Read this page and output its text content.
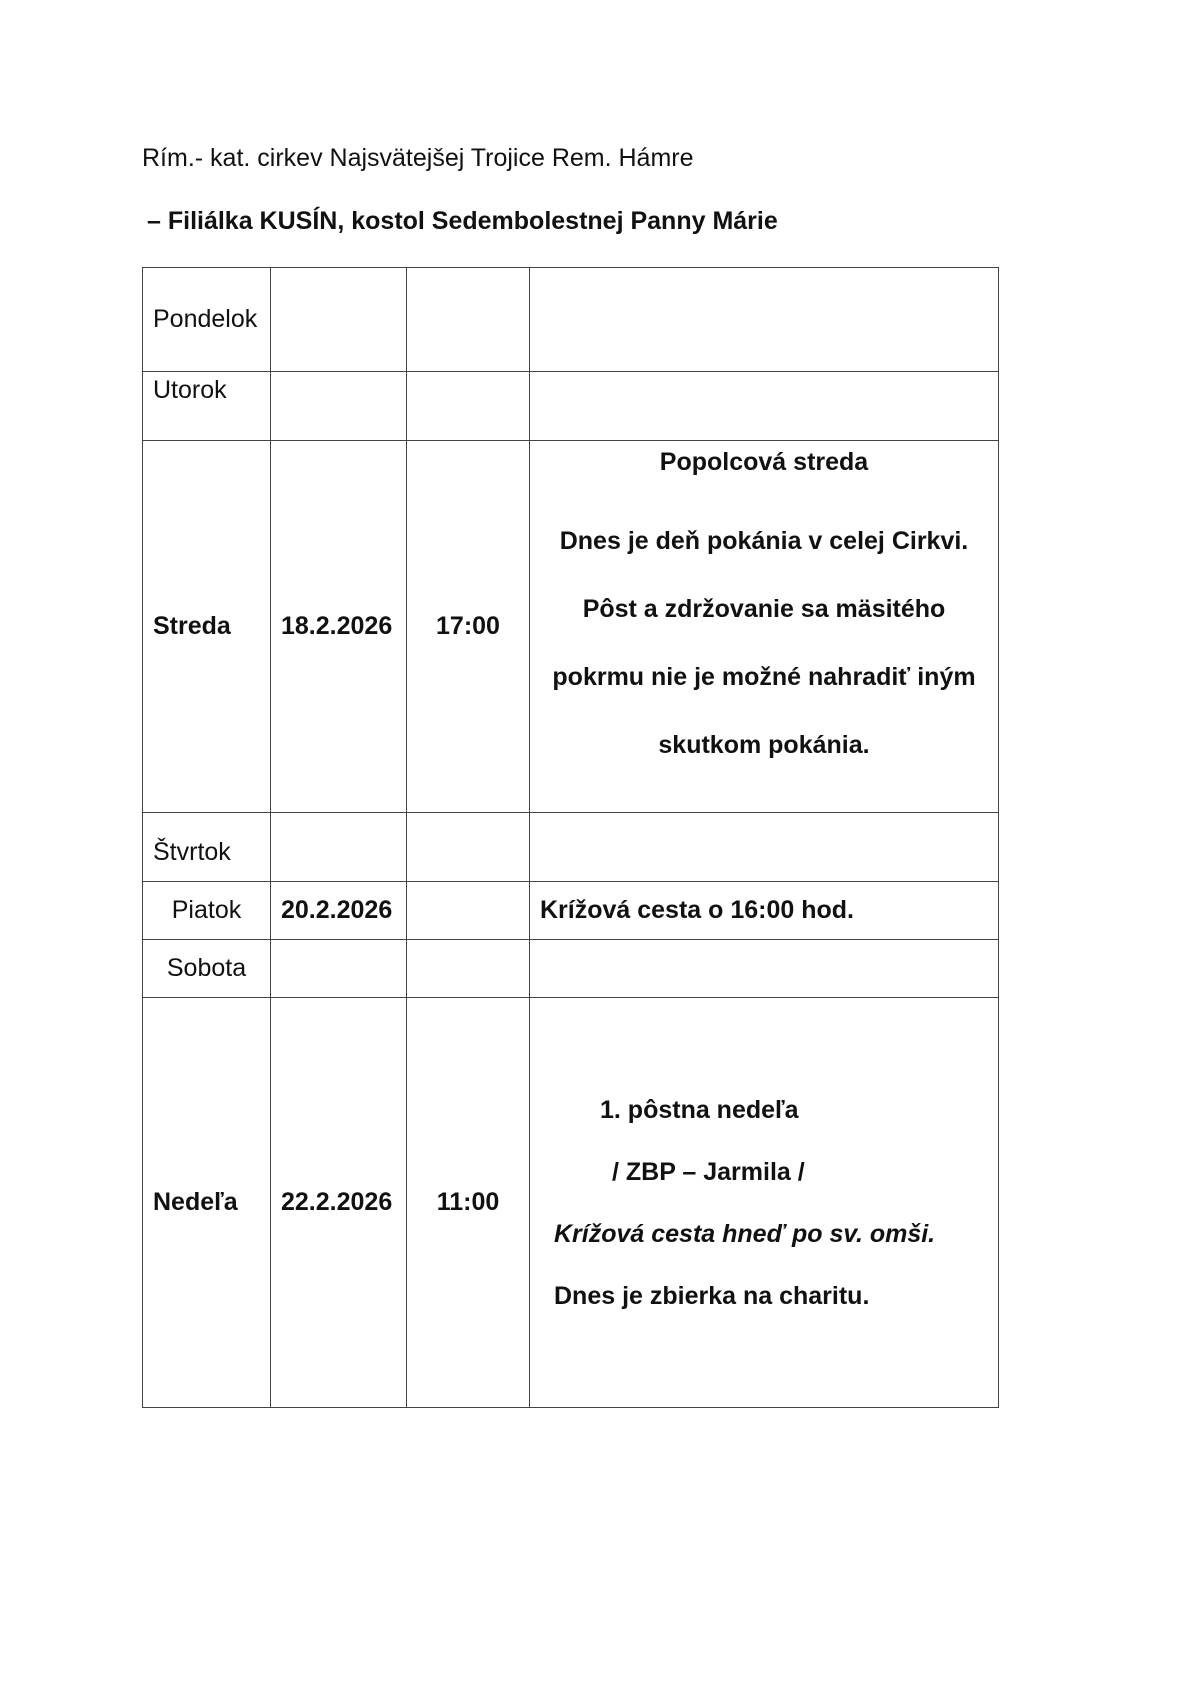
Rím.- kat. cirkev Najsvätejšej Trojice Rem. Hámre
– Filiálka KUSÍN, kostol Sedembolestnej Panny Márie
Pondelok			
Utorok			
Streda	18.2.2026	17:00	Popolcová streda
Dnes je deň pokánia v celej Cirkvi.
Pôst a zdržovanie sa mäsitého
pokrmu nie je možné nahradiť iným
skutkom pokánia.

Štvrtok			
Piatok	20.2.2026		Krížová cesta o 16:00 hod.
Sobota			
Nedeľa	22.2.2026	11:00	1. pôstna nedeľa
/ ZBP – Jarmila /
Krížová cesta hneď po sv. omši.
Dnes je zbierka na charitu.
